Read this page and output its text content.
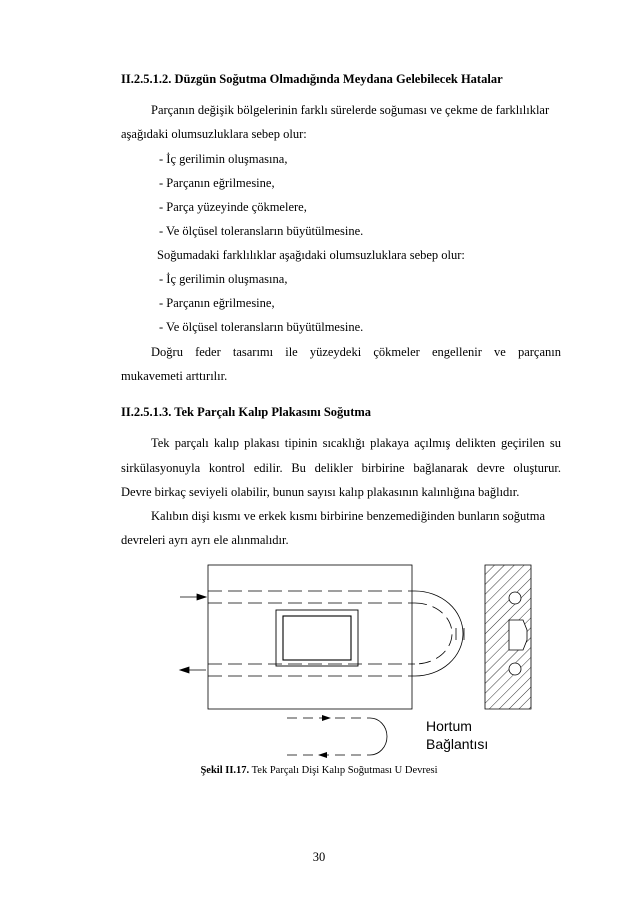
II.2.5.1.2. Düzgün Soğutma Olmadığında Meydana Gelebilecek Hatalar
Parçanın değişik bölgelerinin farklı sürelerde soğuması ve çekme de farklılıklar
aşağıdaki olumsuzluklara sebep olur:
- İç gerilimin oluşmasına,
- Parçanın eğrilmesine,
- Parça yüzeyinde çökmelere,
- Ve ölçüsel toleransların büyütülmesine.
Soğumadaki farklılıklar aşağıdaki olumsuzluklara sebep olur:
- İç gerilimin oluşmasına,
- Parçanın eğrilmesine,
- Ve ölçüsel toleransların büyütülmesine.
Doğru feder tasarımı ile yüzeydeki çökmeler engellenir ve parçanın
mukavemeti arttırılır.
II.2.5.1.3. Tek Parçalı Kalıp Plakasını Soğutma
Tek parçalı kalıp plakası tipinin sıcaklığı plakaya açılmış delikten geçirilen su
sirkülasyonuyla kontrol edilir. Bu delikler birbirine bağlanarak devre oluşturur.
Devre birkaç seviyeli olabilir, bunun sayısı kalıp plakasının kalınlığına bağlıdır.
Kalıbın dişi kısmı ve erkek kısmı birbirine benzemediğinden bunların soğutma
devreleri ayrı ayrı ele alınmalıdır.
Hortum
Bağlantısı
Şekil II.17. Tek Parçalı Dişi Kalıp Soğutması U Devresi
30
